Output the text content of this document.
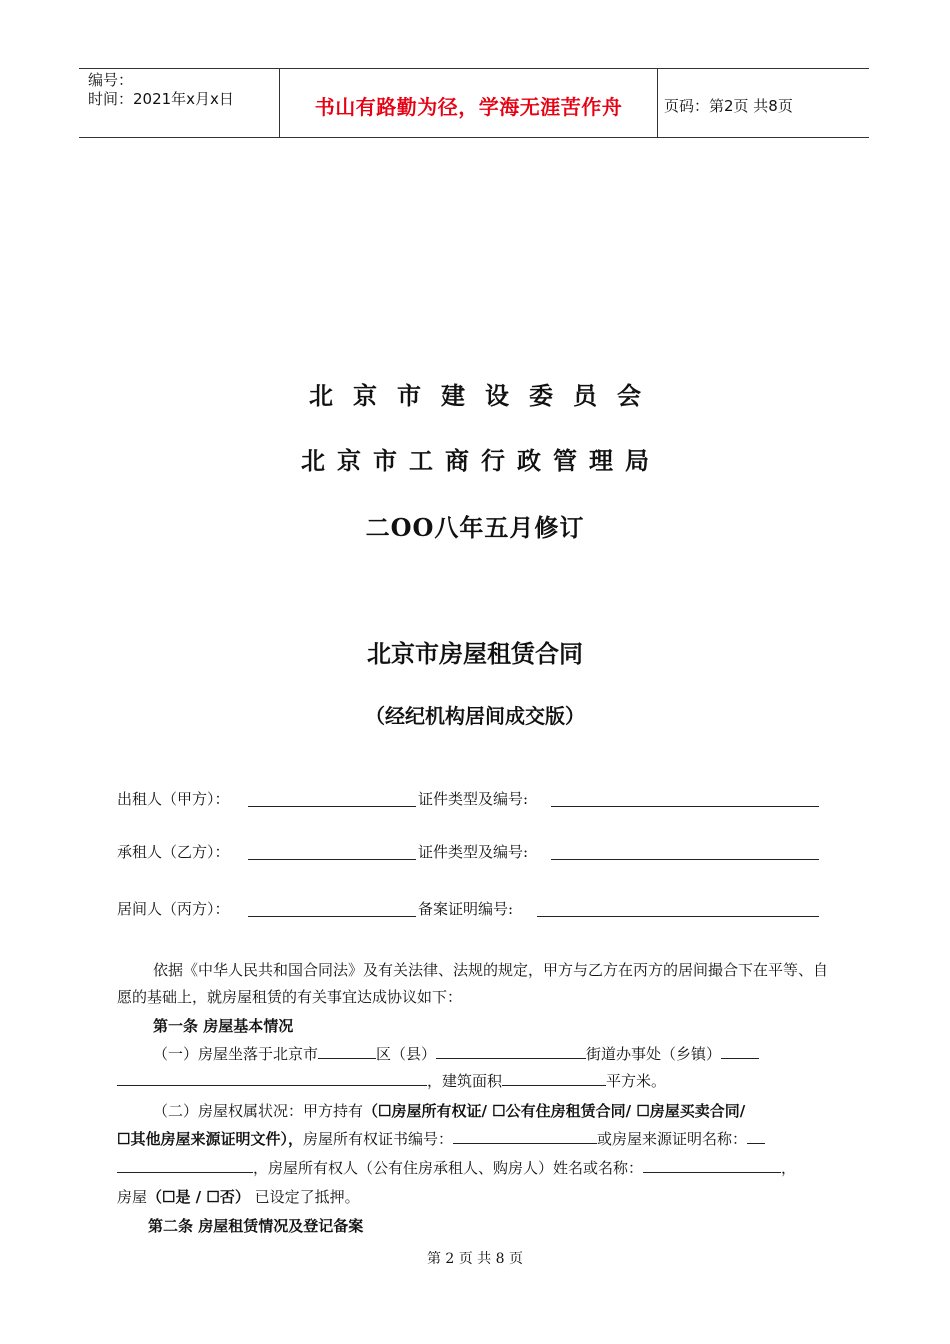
编号：
时间：2021年x月x日	书山有路勤为径，学海无涯苦作舟	页码：第2页 共8页
北京市建设委员会
北京市工商行政管理局
二OO八年五月修订
北京市房屋租赁合同
（经纪机构居间成交版）
出租人（甲方）：	证件类型及编号:
承租人（乙方）：	证件类型及编号:
居间人（丙方）：	备案证明编号:
依据《中华人民共和国合同法》及有关法律、法规的规定，甲方与乙方在丙方的居间撮合下在平等、自愿的基础上，就房屋租赁的有关事宜达成协议如下：
第一条 房屋基本情况
（一）房屋坐落于北京市	区（县）	街道办事处（乡镇）
，建筑面积	平方米。
（二）房屋权属状况：甲方持有（☐房屋所有权证/ ☐公有住房租赁合同/ ☐房屋买卖合同/
☐其他房屋来源证明文件），房屋所有权证书编号：	或房屋来源证明名称：
，房屋所有权人（公有住房承租人、购房人）姓名或名称：	，
房屋（☐是 / ☐否） 已设定了抵押。
第二条 房屋租赁情况及登记备案
第 2 页 共 8 页
